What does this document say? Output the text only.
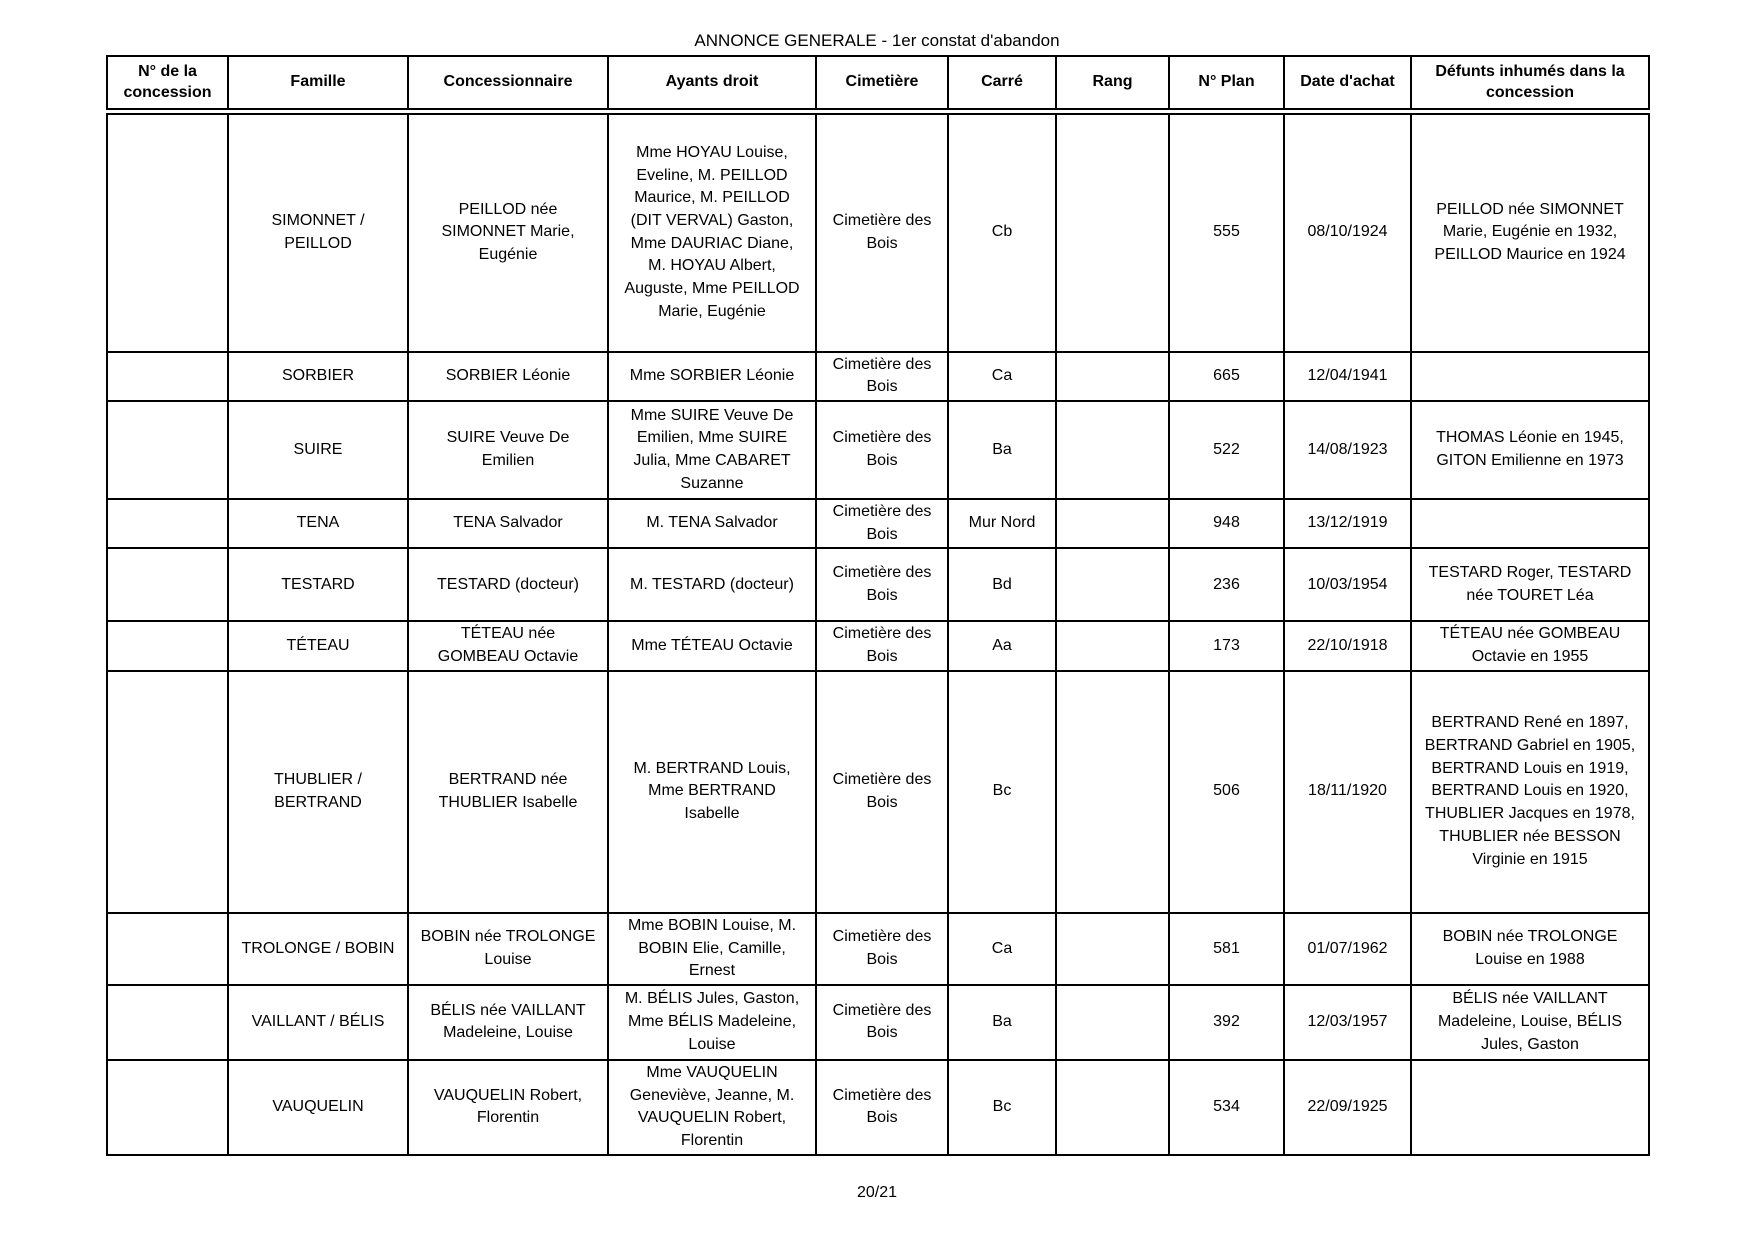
ANNONCE GENERALE - 1er constat d'abandon
N° de la concession	Famille	Concessionnaire	Ayants droit	Cimetière	Carré	Rang	N° Plan	Date d'achat	Défunts inhumés dans la concession
	SIMONNET / PEILLOD	PEILLOD née SIMONNET Marie, Eugénie	Mme HOYAU Louise, Eveline, M. PEILLOD Maurice, M. PEILLOD (DIT VERVAL) Gaston, Mme DAURIAC Diane, M. HOYAU Albert, Auguste, Mme PEILLOD Marie, Eugénie	Cimetière des Bois	Cb		555	08/10/1924	PEILLOD née SIMONNET Marie, Eugénie en 1932, PEILLOD Maurice en 1924
	SORBIER	SORBIER Léonie	Mme SORBIER Léonie	Cimetière des Bois	Ca		665	12/04/1941	
	SUIRE	SUIRE Veuve De Emilien	Mme SUIRE Veuve De Emilien, Mme SUIRE Julia, Mme CABARET Suzanne	Cimetière des Bois	Ba		522	14/08/1923	THOMAS Léonie en 1945, GITON Emilienne en 1973
	TENA	TENA Salvador	M. TENA Salvador	Cimetière des Bois	Mur Nord		948	13/12/1919	
	TESTARD	TESTARD (docteur)	M. TESTARD (docteur)	Cimetière des Bois	Bd		236	10/03/1954	TESTARD Roger, TESTARD née TOURET Léa
	TÉTEAU	TÉTEAU née GOMBEAU Octavie	Mme TÉTEAU Octavie	Cimetière des Bois	Aa		173	22/10/1918	TÉTEAU née GOMBEAU Octavie en 1955
	THUBLIER / BERTRAND	BERTRAND née THUBLIER Isabelle	M. BERTRAND Louis, Mme BERTRAND Isabelle	Cimetière des Bois	Bc		506	18/11/1920	BERTRAND René en 1897, BERTRAND Gabriel en 1905, BERTRAND Louis en 1919, BERTRAND Louis en 1920, THUBLIER Jacques en 1978, THUBLIER née BESSON Virginie en 1915
	TROLONGE / BOBIN	BOBIN née TROLONGE Louise	Mme BOBIN Louise, M. BOBIN Elie, Camille, Ernest	Cimetière des Bois	Ca		581	01/07/1962	BOBIN née TROLONGE Louise en 1988
	VAILLANT / BÉLIS	BÉLIS née VAILLANT Madeleine, Louise	M. BÉLIS Jules, Gaston, Mme BÉLIS Madeleine, Louise	Cimetière des Bois	Ba		392	12/03/1957	BÉLIS née VAILLANT Madeleine, Louise, BÉLIS Jules, Gaston
	VAUQUELIN	VAUQUELIN Robert, Florentin	Mme VAUQUELIN Geneviève, Jeanne, M. VAUQUELIN Robert, Florentin	Cimetière des Bois	Bc		534	22/09/1925	
20/21
